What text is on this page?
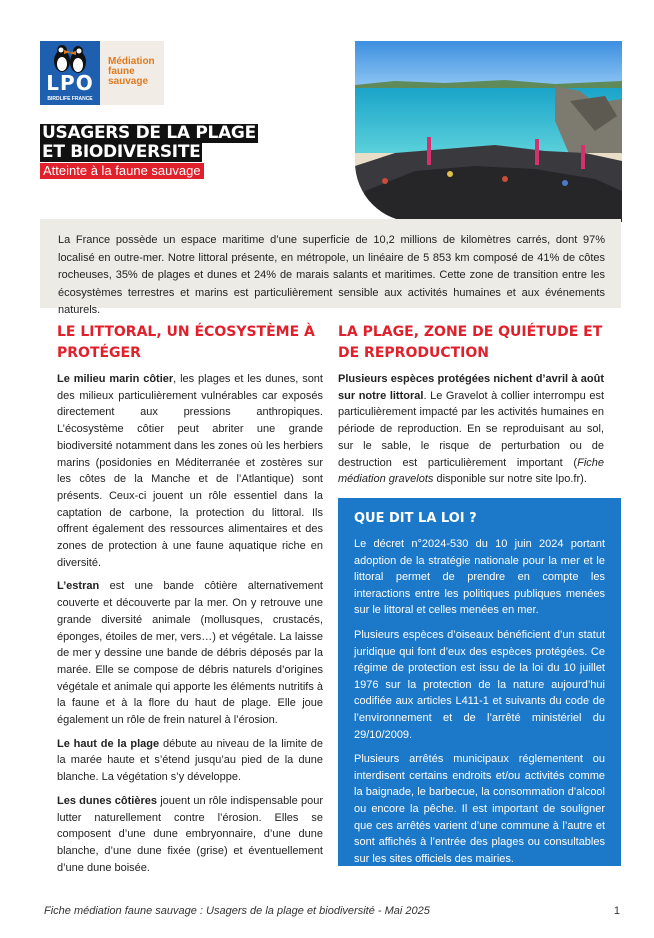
LPO
BIRDLIFE FRANCE
Médiation
faune
sauvage
USAGERS DE LA PLAGE
ET BIODIVERSITE
Atteinte à la faune sauvage

La France possède un espace maritime d’une superficie de 10,2 millions de kilomètres carrés, dont 97% localisé en outre-mer. Notre littoral présente, en métropole, un linéaire de 5 853 km composé de 41% de côtes rocheuses, 35% de plages et dunes et 24% de marais salants et maritimes. Cette zone de transition entre les écosystèmes terrestres et marins est particulièrement sensible aux activités humaines et aux événements naturels.

LE LITTORAL, UN ÉCOSYSTÈME À PROTÉGER

Le milieu marin côtier, les plages et les dunes, sont des milieux particulièrement vulnérables car exposés directement aux pressions anthropiques. L’écosystème côtier peut abriter une grande biodiversité notamment dans les zones où les herbiers marins (posidonies en Méditerranée et zostères sur les côtes de la Manche et de l’Atlantique) sont présents. Ceux-ci jouent un rôle essentiel dans la captation de carbone, la protection du littoral. Ils offrent également des ressources alimentaires et des zones de protection à une faune aquatique riche en diversité.

L’estran est une bande côtière alternativement couverte et découverte par la mer. On y retrouve une grande diversité animale (mollusques, crustacés, éponges, étoiles de mer, vers…) et végétale. La laisse de mer y dessine une bande de débris déposés par la marée. Elle se compose de débris naturels d’origines végétale et animale qui apporte les éléments nutritifs à la faune et à la flore du haut de plage. Elle joue également un rôle de frein naturel à l’érosion.

Le haut de la plage débute au niveau de la limite de la marée haute et s’étend jusqu’au pied de la dune blanche. La végétation s’y développe.

Les dunes côtières jouent un rôle indispensable pour lutter naturellement contre l’érosion. Elles se composent d’une dune embryonnaire, d’une dune blanche, d’une dune fixée (grise) et éventuellement d’une dune boisée.

LA PLAGE, ZONE DE QUIÉTUDE ET DE REPRODUCTION

Plusieurs espèces protégées nichent d’avril à août sur notre littoral. Le Gravelot à collier interrompu est particulièrement impacté par les activités humaines en période de reproduction. En se reproduisant au sol, sur le sable, le risque de perturbation ou de destruction est particulièrement important (Fiche médiation gravelots disponible sur notre site lpo.fr).

QUE DIT LA LOI ?

Le décret n°2024-530 du 10 juin 2024 portant adoption de la stratégie nationale pour la mer et le littoral permet de prendre en compte les interactions entre les politiques publiques menées sur le littoral et celles menées en mer.

Plusieurs espèces d’oiseaux bénéficient d’un statut juridique qui font d’eux des espèces protégées. Ce régime de protection est issu de la loi du 10 juillet 1976 sur la protection de la nature aujourd’hui codifiée aux articles L411-1 et suivants du code de l’environnement et de l’arrêté ministériel du 29/10/2009.

Plusieurs arrêtés municipaux réglementent ou interdisent certains endroits et/ou activités comme la baignade, le barbecue, la consommation d’alcool ou encore la pêche. Il est important de souligner que ces arrêtés varient d’une commune à l’autre et sont affichés à l’entrée des plages ou consultables sur les sites officiels des mairies.

Fiche médiation faune sauvage : Usagers de la plage et biodiversité - Mai 2025	1
